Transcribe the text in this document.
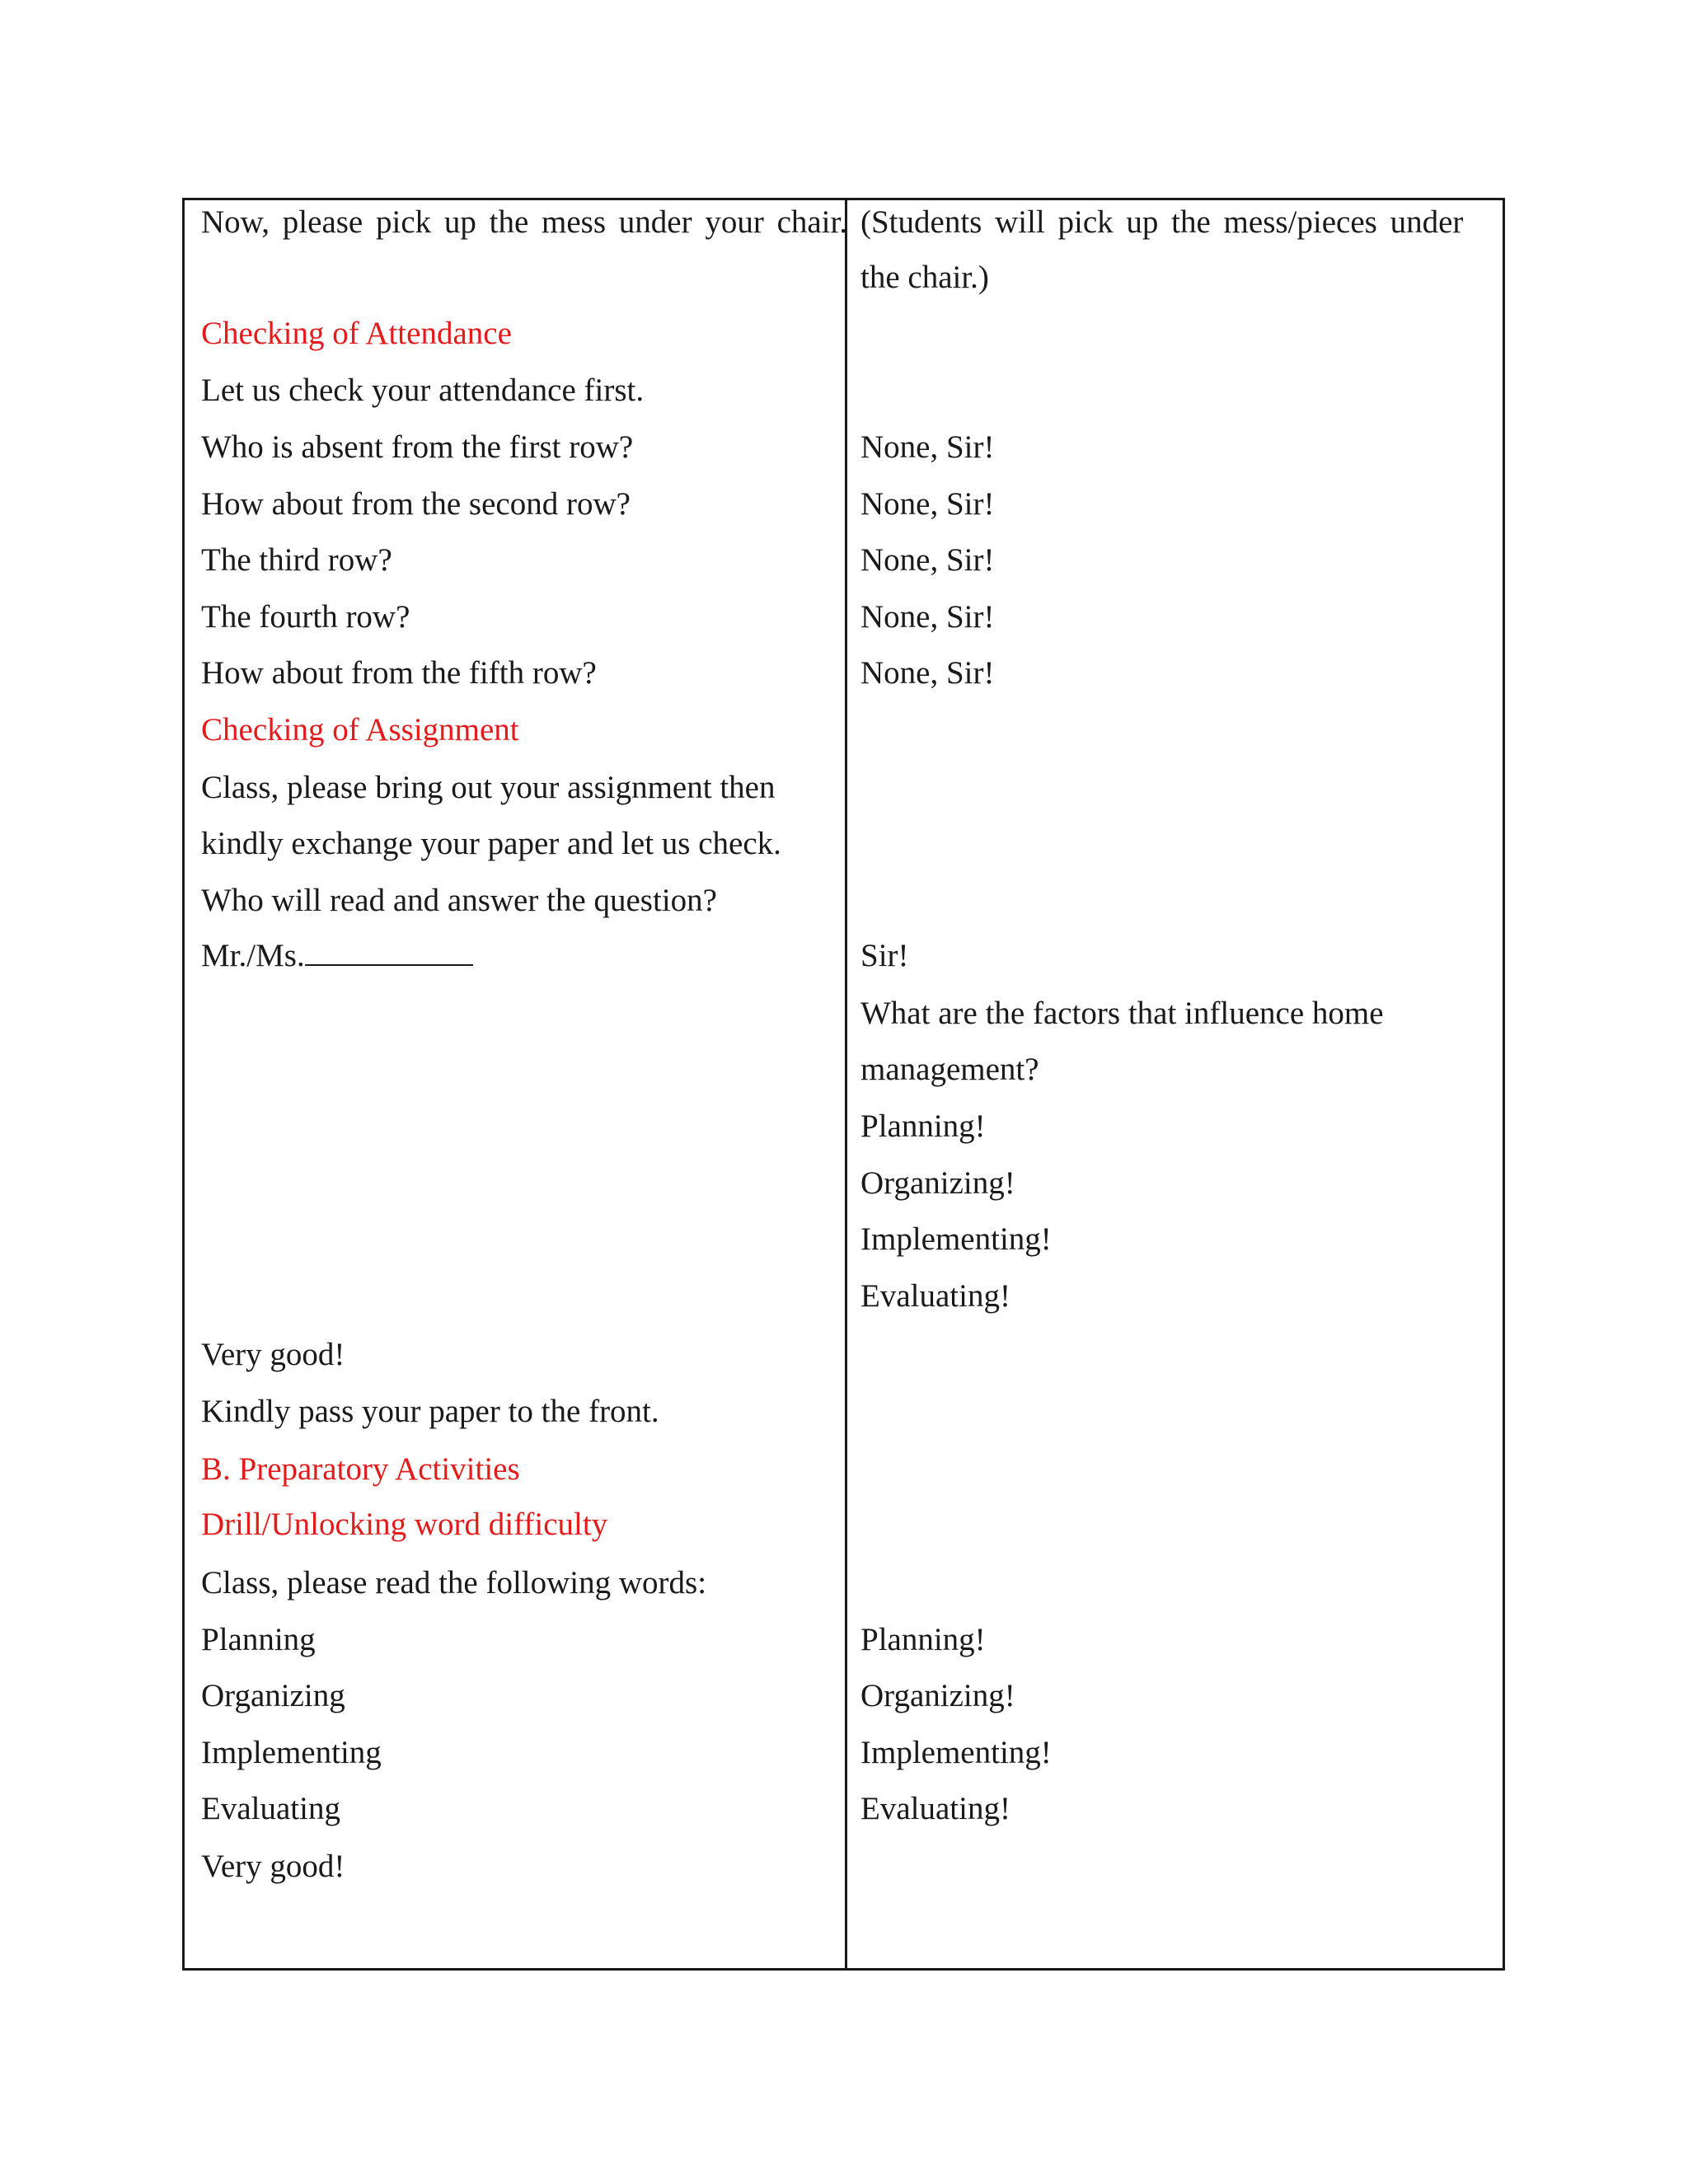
Now, please pick up the mess under your chair.

Checking of Attendance

Let us check your attendance first.

Who is absent from the first row?

How about from the second row?

The third row?

The fourth row?

How about from the fifth row?

Checking of Assignment

Class, please bring out your assignment then

kindly exchange your paper and let us check.

Who will read and answer the question?

Mr./Ms.

Very good!

Kindly pass your paper to the front.

B. Preparatory Activities

Drill/Unlocking word difficulty

Class, please read the following words:

Planning

Organizing

Implementing

Evaluating

Very good!

(Students will pick up the mess/pieces under

the chair.)

None, Sir!

None, Sir!

None, Sir!

None, Sir!

None, Sir!

Sir!

What are the factors that influence home

management?

Planning!

Organizing!

Implementing!

Evaluating!

Planning!

Organizing!

Implementing!

Evaluating!
